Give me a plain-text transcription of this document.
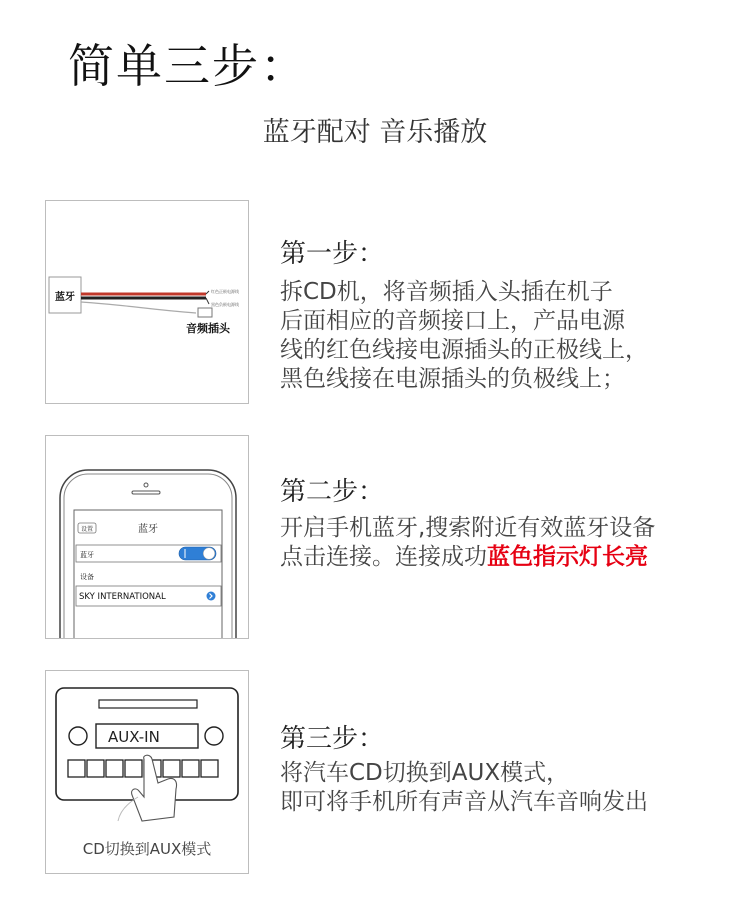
简单三步：
蓝牙配对 音乐播放
蓝牙
红色正极电源线
黑色负极电源线
音频插头
第一步：
拆CD机，将音频插入头插在机子
后面相应的音频接口上，产品电源
线的红色线接电源插头的正极线上，
黑色线接在电源插头的负极线上；
设置	蓝牙
蓝牙
设备
SKY INTERNATIONAL
第二步：
开启手机蓝牙,搜索附近有效蓝牙设备
点击连接。连接成功蓝色指示灯长亮
AUX-IN
CD切换到AUX模式
第三步：
将汽车CD切换到AUX模式，
即可将手机所有声音从汽车音响发出
